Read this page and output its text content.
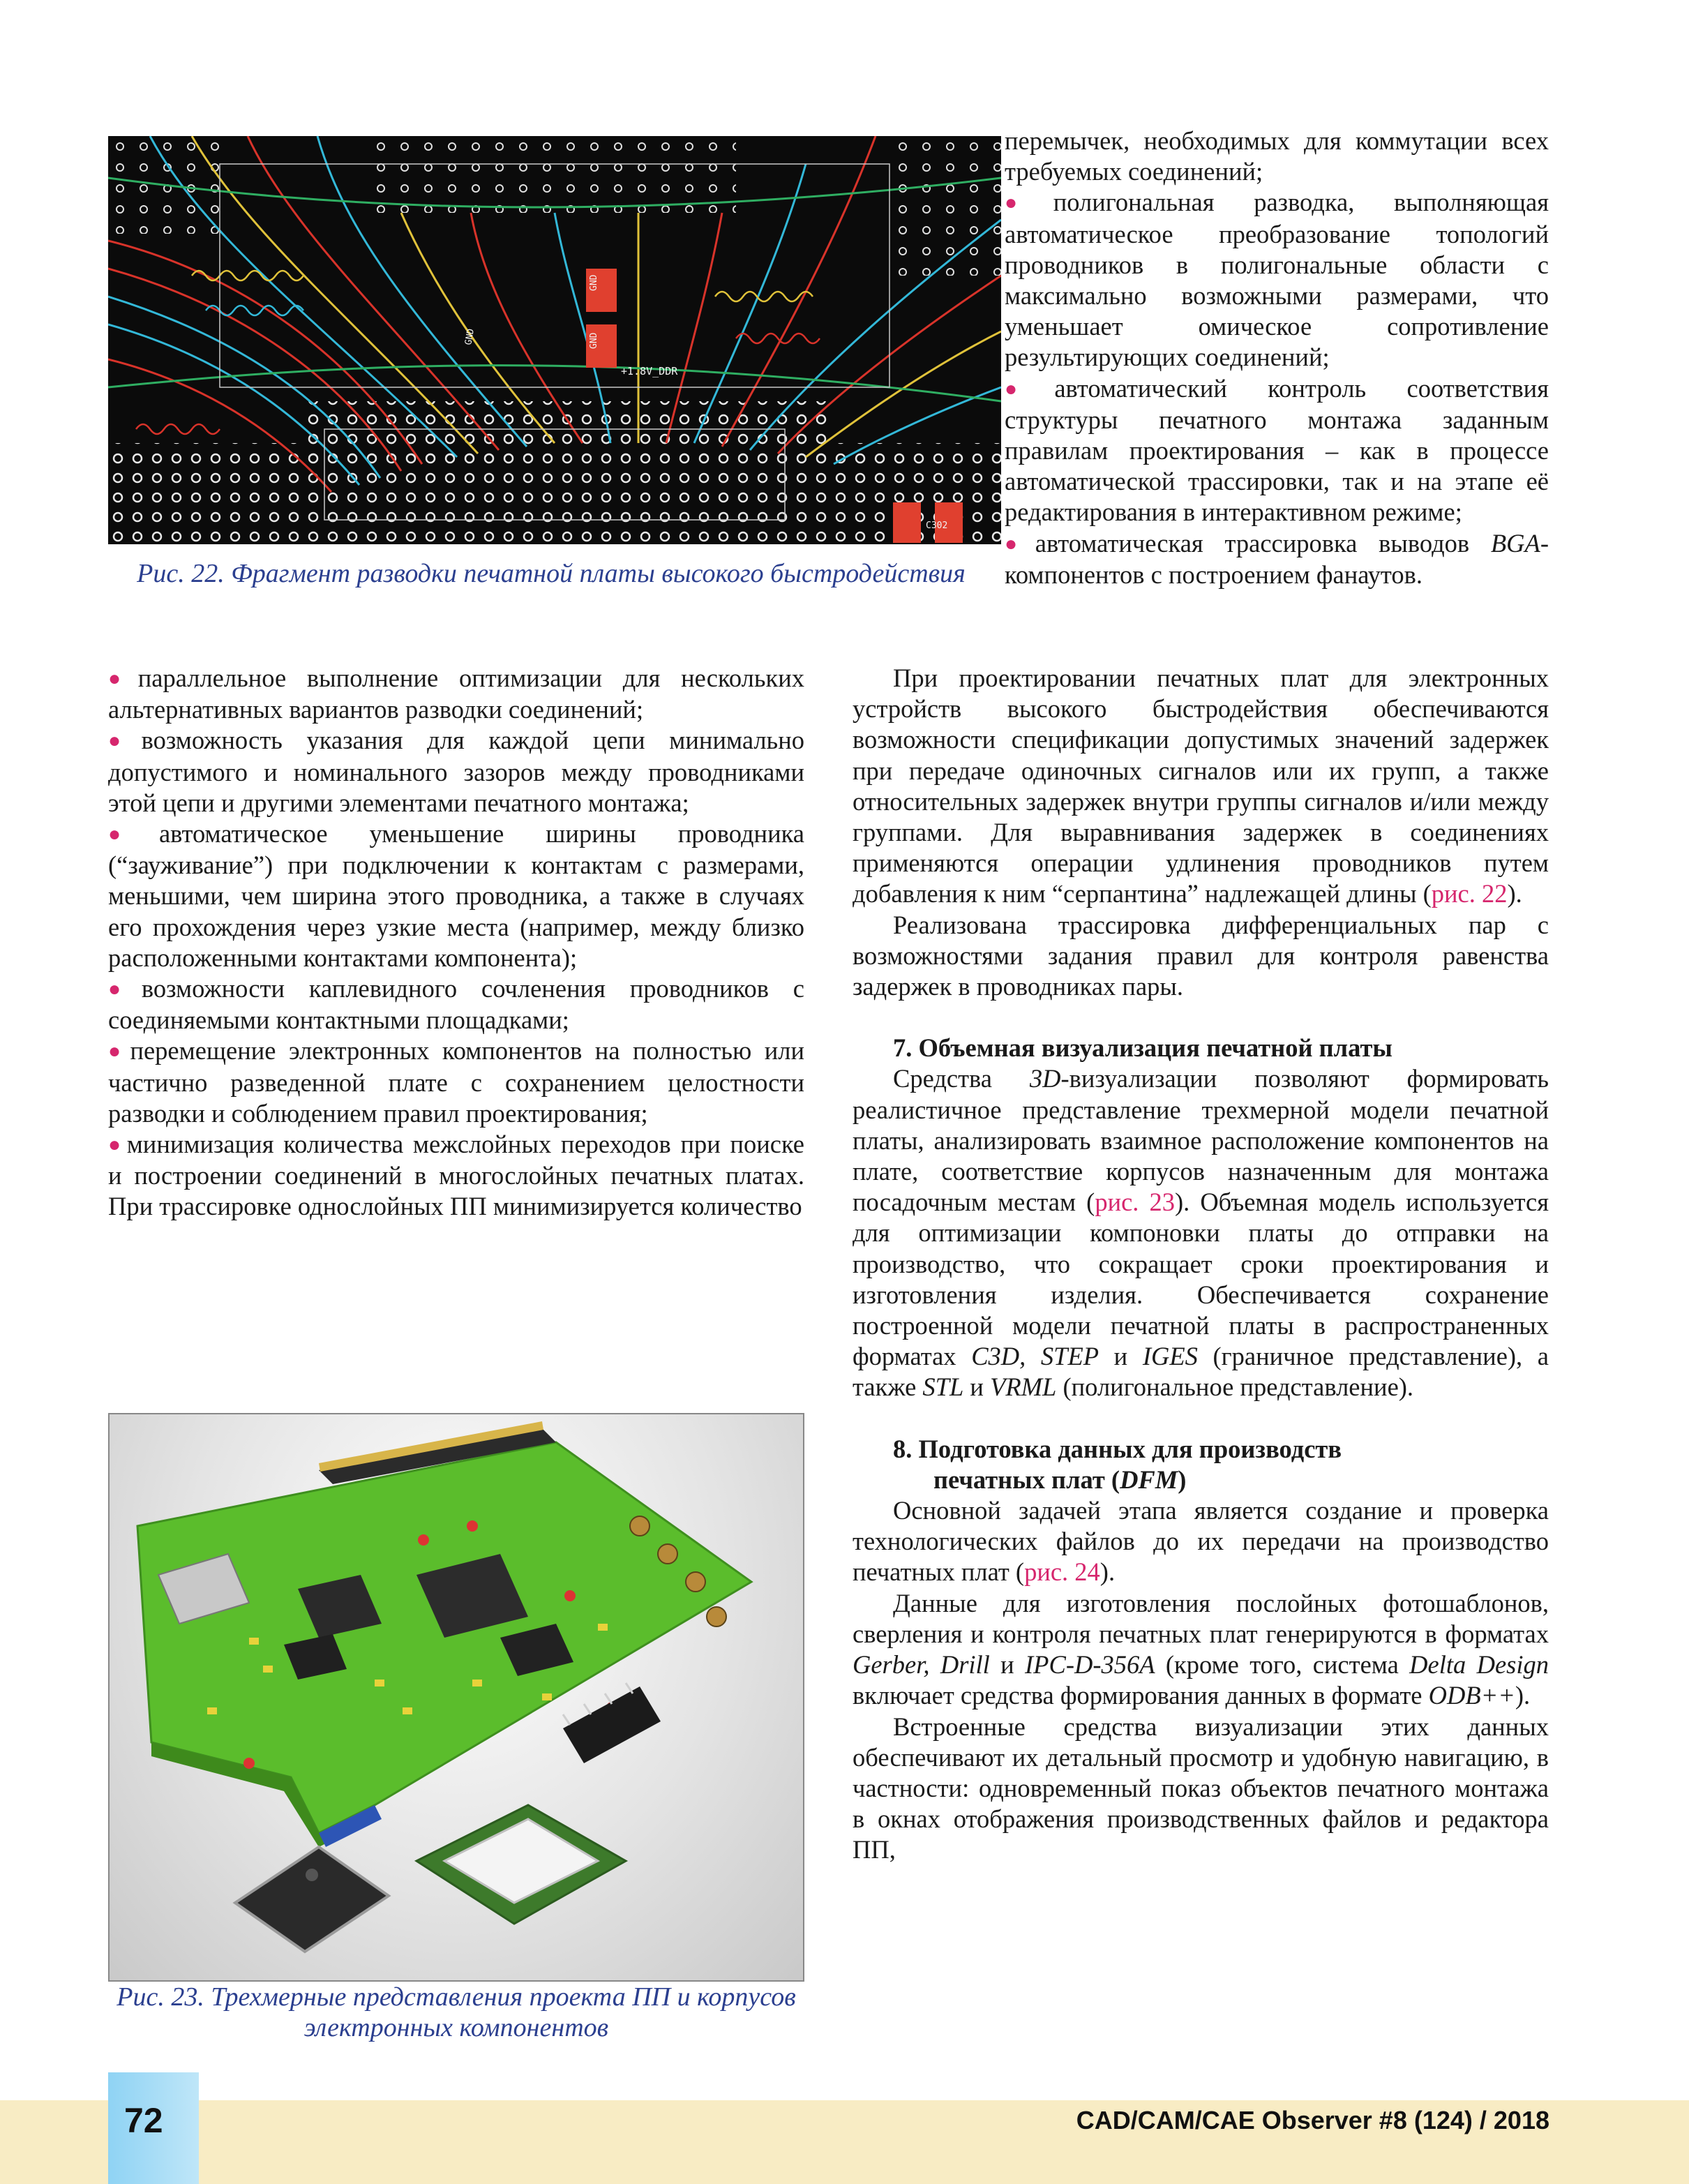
GND
GND
GND
+1.8V_DDR
C302
Рис. 22. Фрагмент разводки печатной платы высокого быстродействия

● параллельное выполнение оптимизации для нескольких альтернативных вариантов разводки соединений;

● возможность указания для каждой цепи минимально допустимого и номинального зазоров между проводниками этой цепи и другими элементами печатного монтажа;

● автоматическое уменьшение ширины проводника (“зауживание”) при подключении к контактам с размерами, меньшими, чем ширина этого проводника, а также в случаях его прохождения через узкие места (например, между близко расположенными контактами компонента);

● возможности каплевидного сочленения проводников с соединяемыми контактными площадками;

● перемещение электронных компонентов на полностью или частично разведенной плате с сохранением целостности разводки и соблюдением правил проектирования;

● минимизация количества межслойных переходов при поиске и построении соединений в многослойных печатных платах. При трассировке однослойных ПП минимизируется количество

Рис. 23. Трехмерные представления проекта ПП и корпусов электронных компонентов

перемычек, необходимых для коммутации всех требуемых соединений;

● полигональная разводка, выполняющая автоматическое преобразование топологий проводников в полигональные области с максимально возможными размерами, что уменьшает омическое сопротивление результирующих соединений;

● автоматический контроль соответствия структуры печатного монтажа заданным правилам проектирования – как в процессе автоматической трассировки, так и на этапе её редактирования в интерактивном режиме;

● автоматическая трассировка выводов BGA-компонентов с построением фанаутов.

При проектировании печатных плат для электронных устройств высокого быстродействия обеспечиваются возможности спецификации допустимых значений задержек при передаче одиночных сигналов или их групп, а также относительных задержек внутри группы сигналов и/или между группами. Для выравнивания задержек в соединениях применяются операции удлинения проводников путем добавления к ним “серпантина” надлежащей длины (рис. 22).

Реализована трассировка дифференциальных пар с возможностями задания правил для контроля равенства задержек в проводниках пары.

7. Объемная визуализация печатной платы

Средства 3D-визуализации позволяют формировать реалистичное представление трехмерной модели печатной платы, анализировать взаимное расположение компонентов на плате, соответствие корпусов назначенным для монтажа посадочным местам (рис. 23). Объемная модель используется для оптимизации компоновки платы до отправки на производство, что сокращает сроки проектирования и изготовления изделия. Обеспечивается сохранение построенной модели печатной платы в распространенных форматах C3D, STEP и IGES (граничное представление), а также STL и VRML (полигональное представление).

8. Подготовка данных для производств

печатных плат (DFM)

Основной задачей этапа является создание и проверка технологических файлов до их передачи на производство печатных плат (рис. 24).

Данные для изготовления послойных фотошаблонов, сверления и контроля печатных плат генерируются в форматах Gerber, Drill и IPC-D-356A (кроме того, система Delta Design включает средства формирования данных в формате ODB++).

Встроенные средства визуализации этих данных обеспечивают их детальный просмотр и удобную навигацию, в частности: одновременный показ объектов печатного монтажа в окнах отображения производственных файлов и редактора ПП,

72	CAD/CAM/CAE Observer #8 (124) / 2018
